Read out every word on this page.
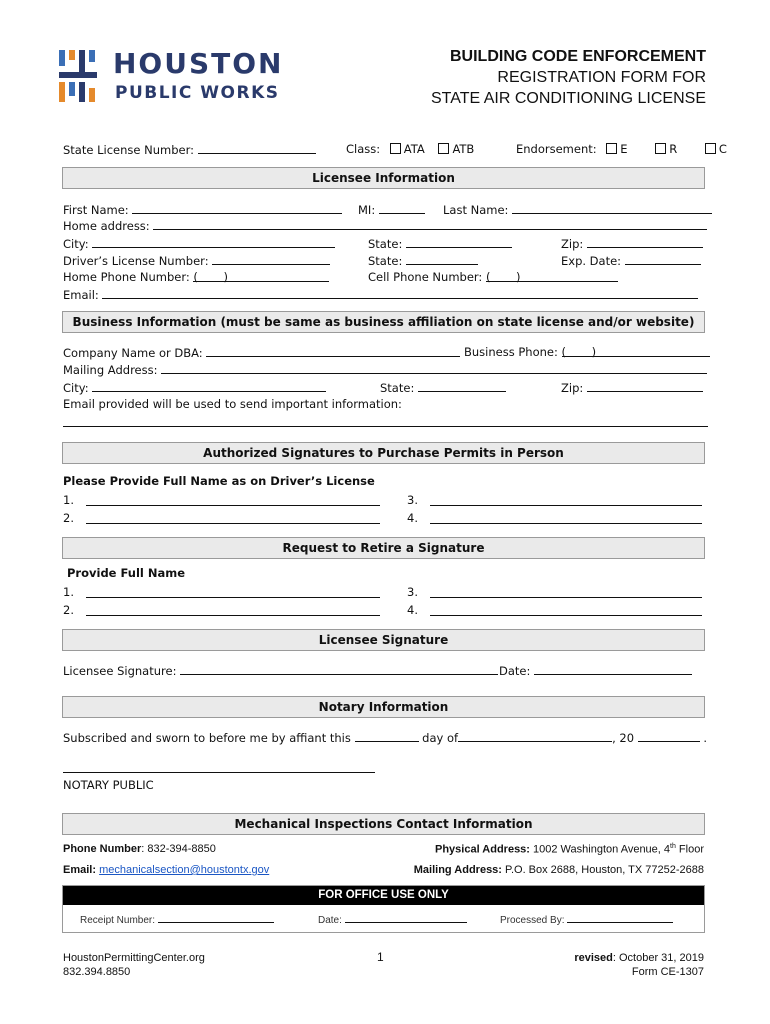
HOUSTON
PUBLIC WORKS
BUILDING CODE ENFORCEMENT
REGISTRATION FORM FOR
STATE AIR CONDITIONING LICENSE
State License Number:	Class: ATA ATB	Endorsement: E	R	C
Licensee Information
First Name:	MI:	Last Name:
Home address:
City:	State:	Zip:
Driver’s License Number:	State:	Exp. Date:
Home Phone Number: (       )	Cell Phone Number: (       )
Email:
Business Information (must be same as business affiliation on state license and/or website)
Company Name or DBA:	Business Phone: (       )
Mailing Address:
City:	State:	Zip:
Email provided will be used to send important information:
Authorized Signatures to Purchase Permits in Person
Please Provide Full Name as on Driver’s License
1.	3.
2.	4.
Request to Retire a Signature
Provide Full Name
1.	3.
2.	4.
Licensee Signature
Licensee Signature:	Date:
Notary Information
Subscribed and sworn to before me by affiant this	day of	, 20	.
NOTARY PUBLIC
Mechanical Inspections Contact Information
Phone Number: 832-394-8850	Physical Address: 1002 Washington Avenue, 4th Floor
Email: mechanicalsection@houstontx.gov	Mailing Address: P.O. Box 2688, Houston, TX 77252-2688
FOR OFFICE USE ONLY
Receipt Number:	Date:	Processed By:
HoustonPermittingCenter.org
832.394.8850
1	revised: October 31, 2019
Form CE-1307
